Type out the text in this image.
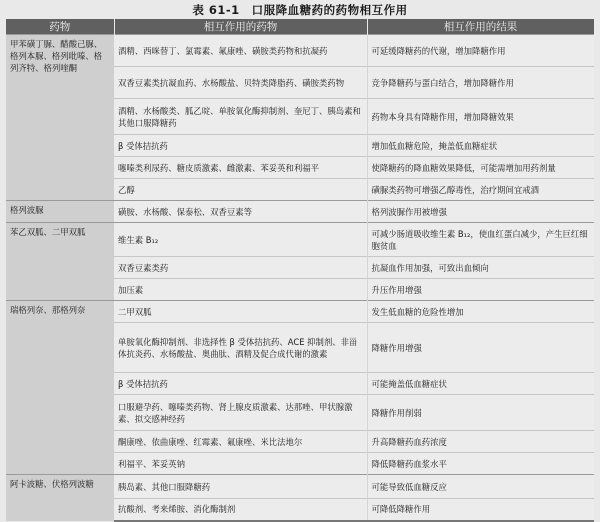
表 61-1　口服降血糖药的药物相互作用
药物	相互作用的药物	相互作用的结果
甲苯磺丁脲、醋酸己脲、格列本脲、格列吡嗪、格列齐特、格列喹酮	酒精、西咪替丁、氯霉素、氟康唑、磺胺类药物和抗凝药	可延缓降糖药的代谢，增加降糖作用
	双香豆素类抗凝血药、水杨酸盐、贝特类降脂药、磺胺类药物	竞争降糖药与蛋白结合，增加降糖作用
	酒精、水杨酸类、胍乙啶、单胺氧化酶抑制剂、奎尼丁、胰岛素和其他口服降糖药	药物本身具有降糖作用，增加降糖效果
	β 受体拮抗药	增加低血糖危险，掩盖低血糖症状
	噻嗪类利尿药、糖皮质激素、雌激素、苯妥英和利福平	使降糖药的降血糖效果降低，可能需增加用药剂量
	乙醇	磺脲类药物可增强乙醇毒性，治疗期间宜戒酒
格列波脲	磺胺、水杨酸、保泰松、双香豆素等	格列波脲作用被增强
苯乙双胍、二甲双胍	维生素 B₁₂	可减少肠道吸收维生素 B₁₂，使血红蛋白减少，产生巨红细胞贫血
	双香豆素类药	抗凝血作用加强，可致出血倾向
	加压素	升压作用增强
瑞格列奈、那格列奈	二甲双胍	发生低血糖的危险性增加
	单胺氧化酶抑制剂、非选择性 β 受体拮抗药、ACE 抑制剂、非甾体抗炎药、水杨酸盐、奥曲肽、酒精及促合成代谢的激素	降糖作用增强
	β 受体拮抗药	可能掩盖低血糖症状
	口服避孕药、噻嗪类药物、肾上腺皮质激素、达那唑、甲状腺激素、拟交感神经药	降糖作用削弱
	酮康唑、依曲康唑、红霉素、氟康唑、米比法地尔	升高降糖药血药浓度
	利福平、苯妥英钠	降低降糖药血浆水平
阿卡波糖、伏格列波糖	胰岛素、其他口服降糖药	可能导致低血糖反应
	抗酸剂、考来烯胺、消化酶制剂	可降低降糖作用
